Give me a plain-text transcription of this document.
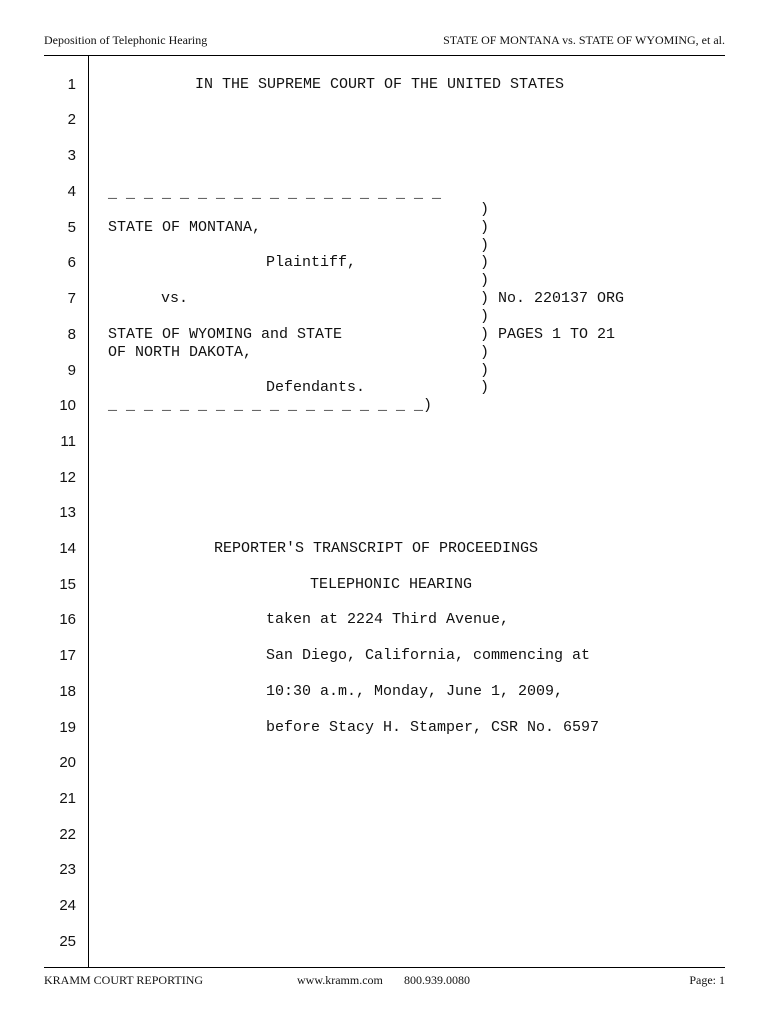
Deposition of Telephonic Hearing	STATE OF MONTANA vs. STATE OF WYOMING, et al.
1
2
3
4
5
6
7
8
9
10
11
12
13
14
15
16
17
18
19
20
21
22
23
24
25
IN THE SUPREME COURT OF THE UNITED STATES
_ _ _ _ _ _ _ _ _ _ _ _ _ _ _ _ _ _ _
)
)
)
)
)
) No. 220137 ORG
)
) PAGES 1 TO 21
)
)
)
STATE OF MONTANA,
Plaintiff,
vs.
STATE OF WYOMING and STATE
OF NORTH DAKOTA,
Defendants.
_ _ _ _ _ _ _ _ _ _ _ _ _ _ _ _ _ _)
REPORTER'S TRANSCRIPT OF PROCEEDINGS
TELEPHONIC HEARING
taken at 2224 Third Avenue,
San Diego, California, commencing at
10:30 a.m., Monday, June 1, 2009,
before Stacy H. Stamper, CSR No. 6597
KRAMM COURT REPORTING	www.kramm.com 800.939.0080	Page: 1
